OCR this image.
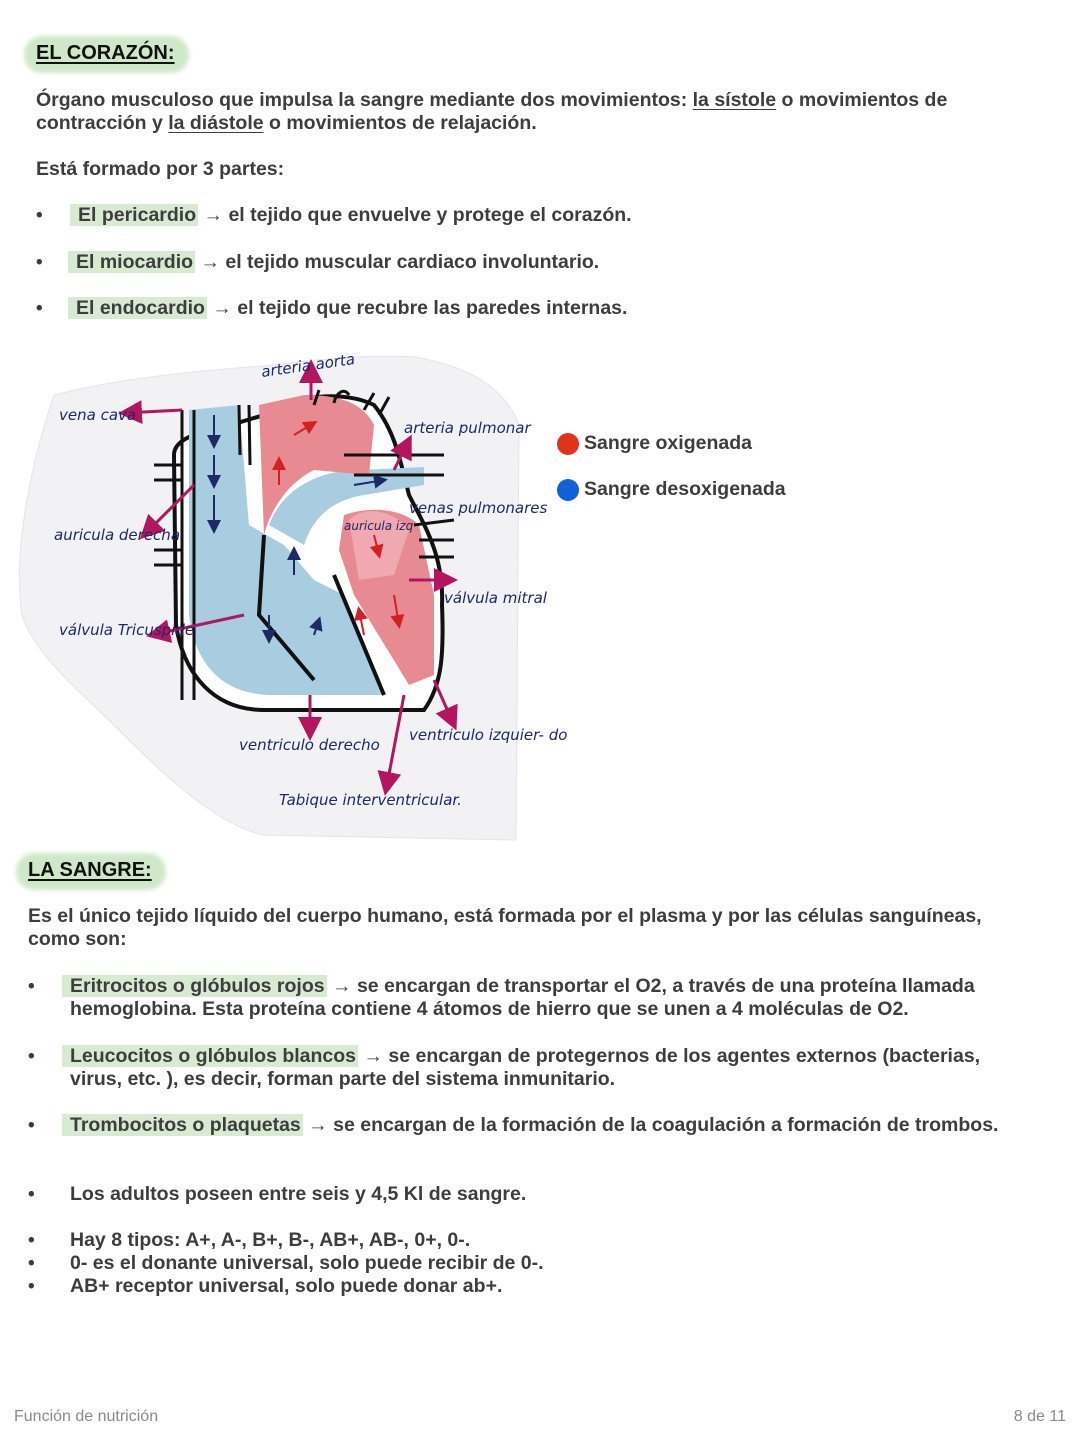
EL CORAZÓN:
Órgano musculoso que impulsa la sangre mediante dos movimientos: la sístole o movimientos de contracción y la diástole o movimientos de relajación.
Está formado por 3 partes:
•	El pericardio → el tejido que envuelve y protege el corazón.
•	El miocardio → el tejido muscular cardiaco involuntario.
•	El endocardio → el tejido que recubre las paredes internas.
arteria aorta
vena cava
arteria pulmonar
venas pulmonares
auricula derecha	auricula izq
válvula Tricuspide
válvula mitral
ventriculo derecho
ventriculo izquier- do
Tabique interventricular.
Sangre oxigenada
Sangre desoxigenada
LA SANGRE:
Es el único tejido líquido del cuerpo humano, está formada por el plasma y por las células sanguíneas, como son:
•	Eritrocitos o glóbulos rojos → se encargan de transportar el O2, a través de una proteína llamada
hemoglobina. Esta proteína contiene 4 átomos de hierro que se unen a 4 moléculas de O2.
•	Leucocitos o glóbulos blancos → se encargan de protegernos de los agentes externos (bacterias,
virus, etc. ), es decir, forman parte del sistema inmunitario.
•	Trombocitos o plaquetas → se encargan de la formación de la coagulación a formación de trombos.
• Los adultos poseen entre seis y 4,5 Kl de sangre.
• Hay 8 tipos: A+, A-, B+, B-, AB+, AB-, 0+, 0-.
• 0- es el donante universal, solo puede recibir de 0-.
• AB+ receptor universal, solo puede donar ab+.
Función de nutrición	8 de 11
